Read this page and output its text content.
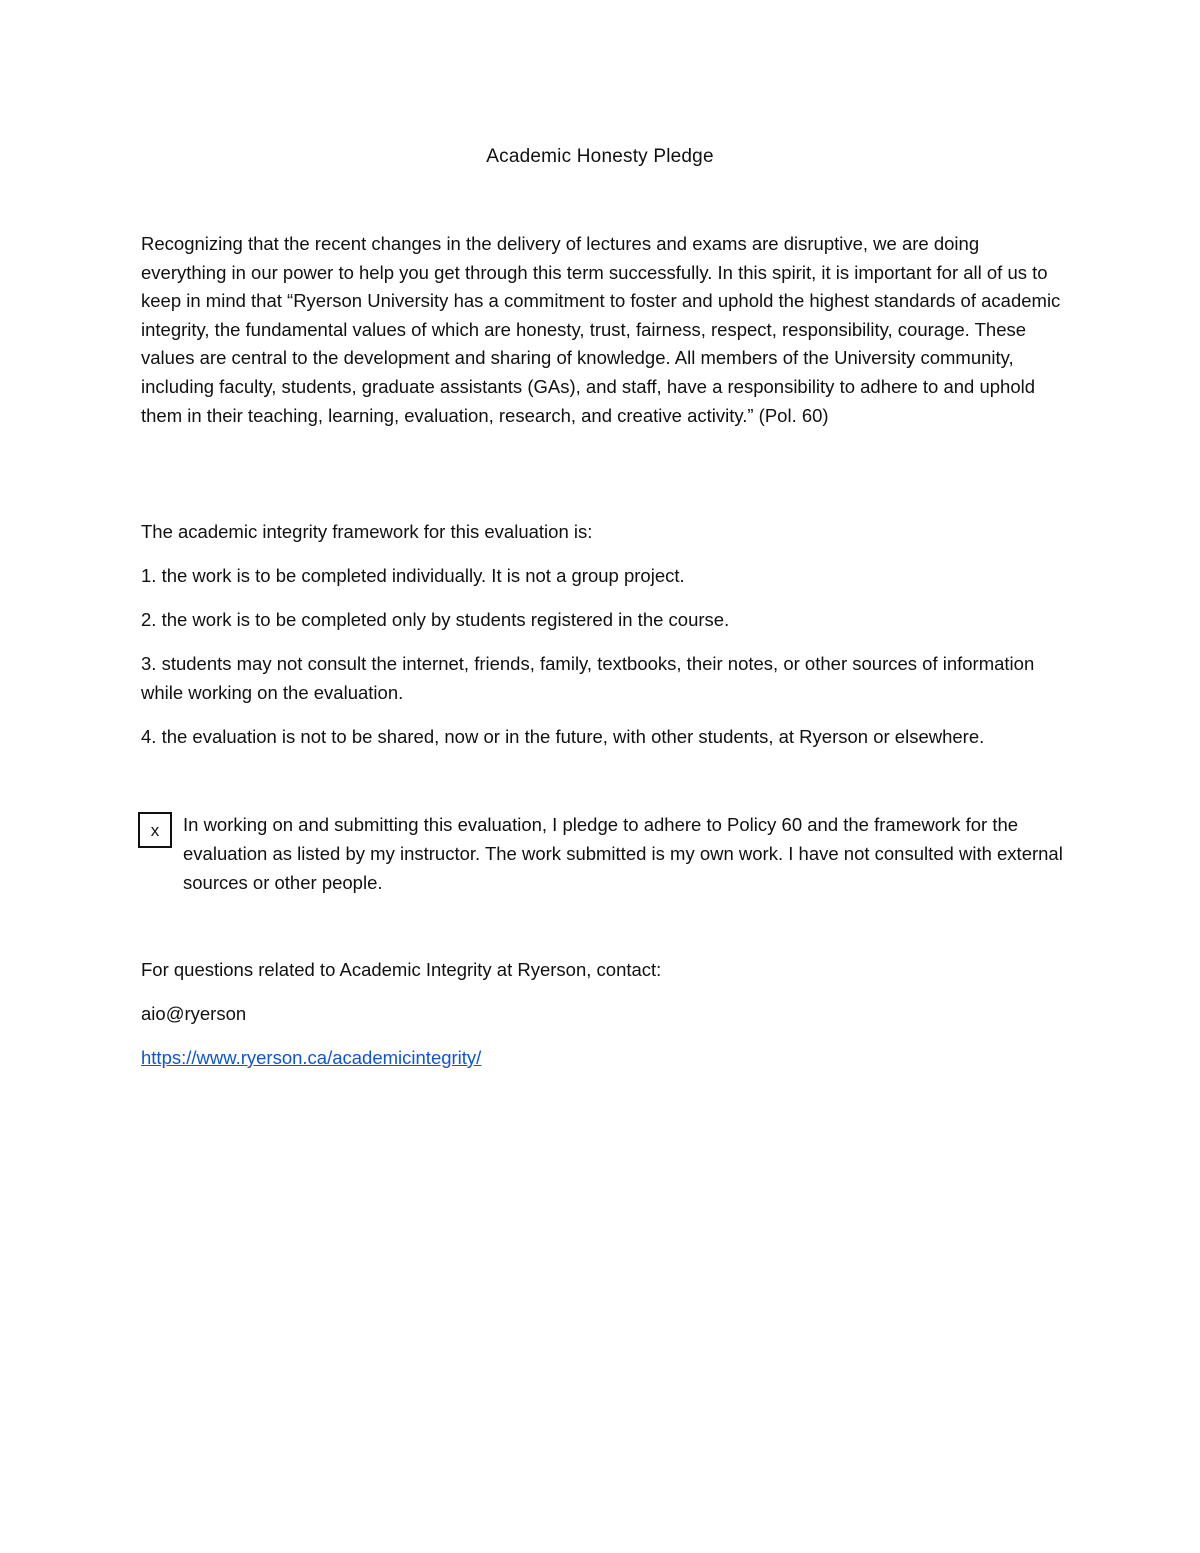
Academic Honesty Pledge

Recognizing that the recent changes in the delivery of lectures and exams are disruptive, we are doing everything in our power to help you get through this term successfully. In this spirit, it is important for all of us to keep in mind that “Ryerson University has a commitment to foster and uphold the highest standards of academic integrity, the fundamental values of which are honesty, trust, fairness, respect, responsibility, courage. These values are central to the development and sharing of knowledge. All members of the University community, including faculty, students, graduate assistants (GAs), and staff, have a responsibility to adhere to and uphold them in their teaching, learning, evaluation, research, and creative activity.” (Pol. 60)

The academic integrity framework for this evaluation is:

1. the work is to be completed individually. It is not a group project.

2. the work is to be completed only by students registered in the course.

3. students may not consult the internet, friends, family, textbooks, their notes, or other sources of information while working on the evaluation.

4. the evaluation is not to be shared, now or in the future, with other students, at Ryerson or elsewhere.

x In working on and submitting this evaluation, I pledge to adhere to Policy 60 and the framework for the evaluation as listed by my instructor. The work submitted is my own work. I have not consulted with external sources or other people.

For questions related to Academic Integrity at Ryerson, contact:
aio@ryerson
https://www.ryerson.ca/academicintegrity/
